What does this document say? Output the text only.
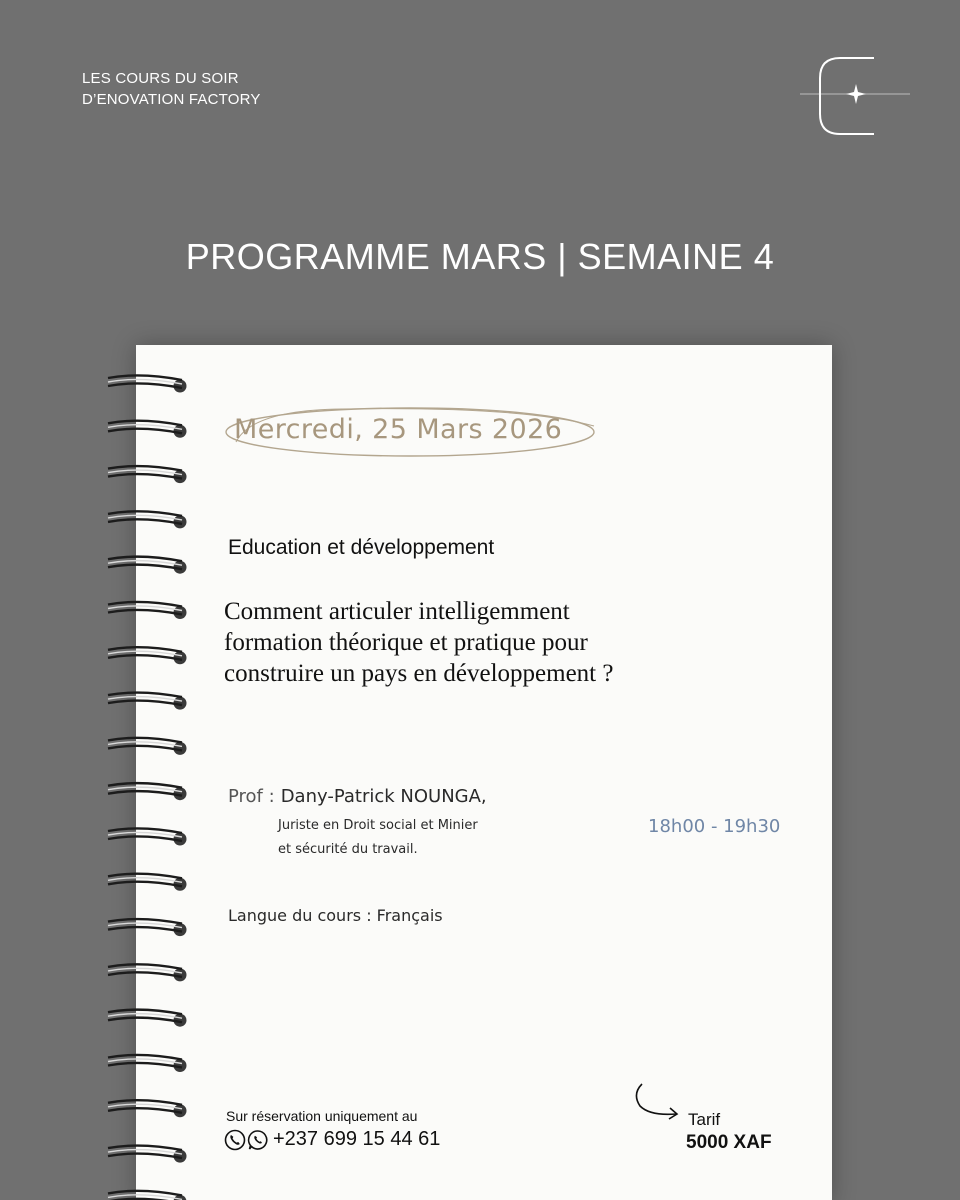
LES COURS DU SOIR
D’ENOVATION FACTORY
PROGRAMME MARS | SEMAINE 4
Mercredi, 25 Mars 2026
Education et développement
Comment articuler intelligemment
formation théorique et pratique pour
construire un pays en développement ?
Prof : Dany-Patrick NOUNGA,
Juriste en Droit social et Minier
et sécurité du travail.
18h00 - 19h30
Langue du cours : Français
Sur réservation uniquement au
+237 699 15 44 61
Tarif
5000 XAF
